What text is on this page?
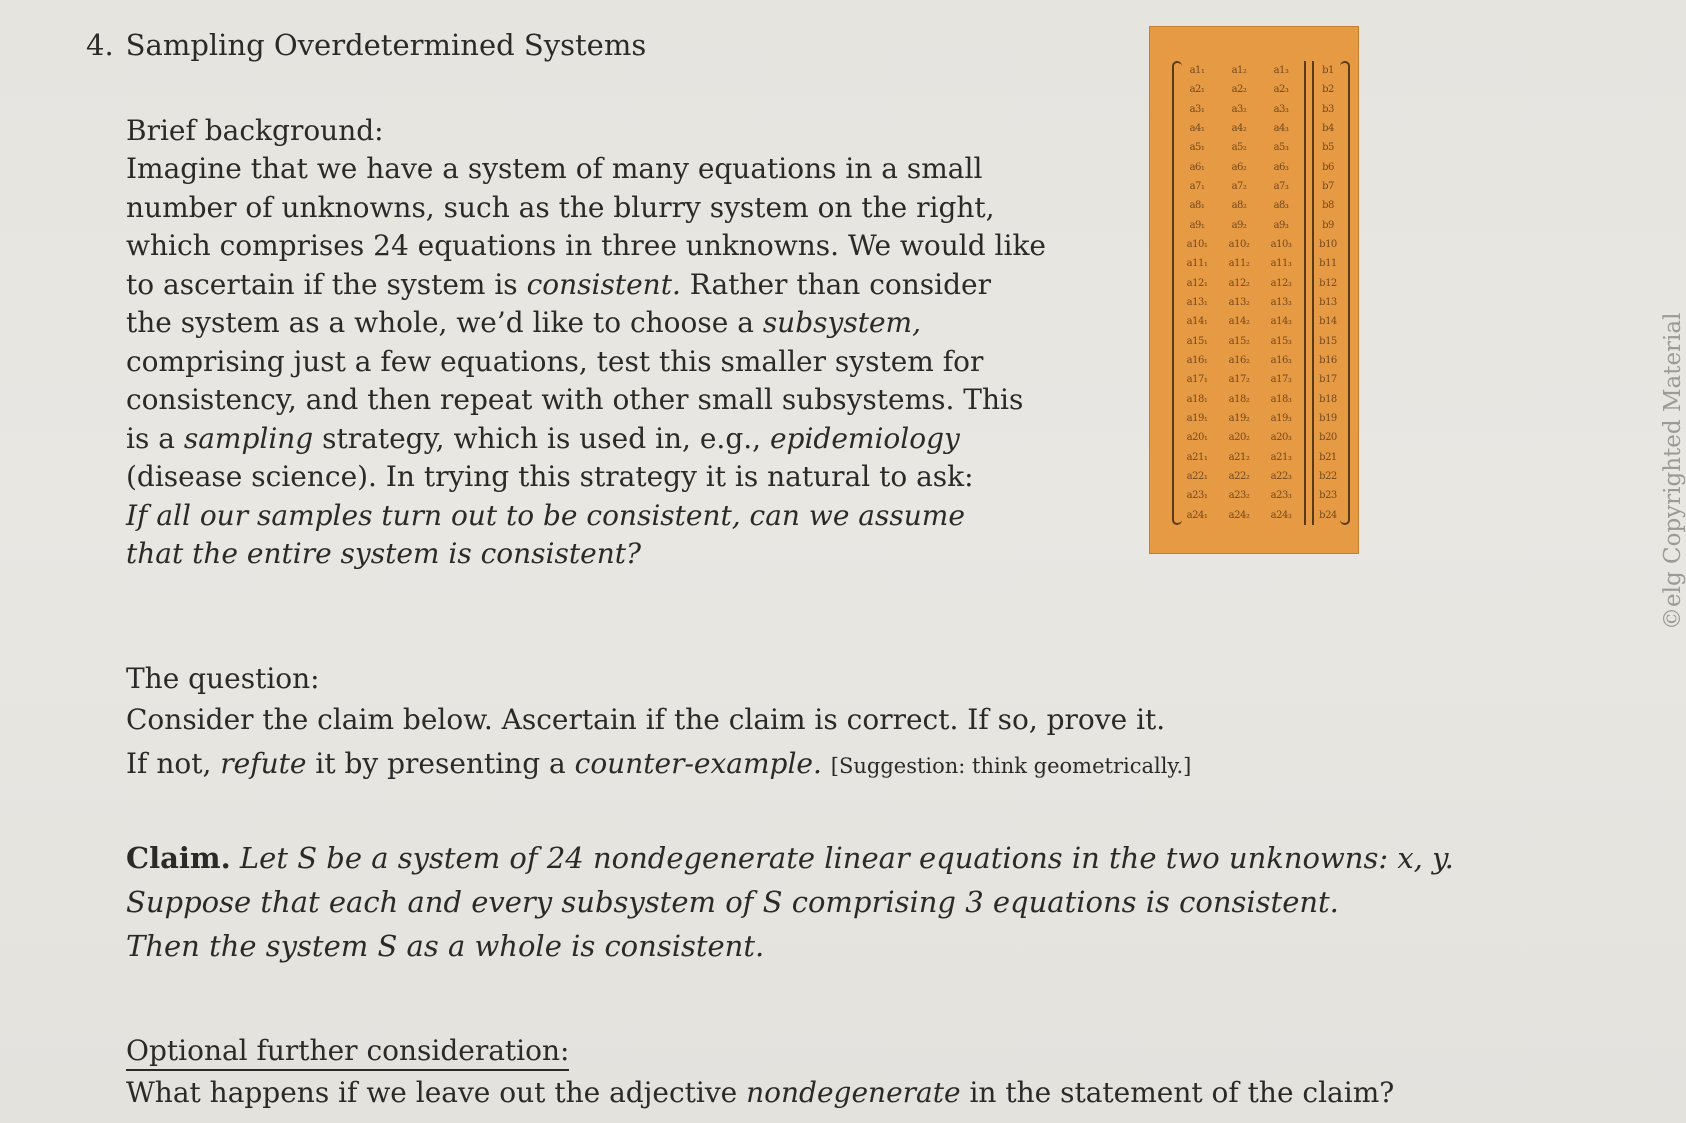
4. Sampling Overdetermined Systems
Brief background:
Imagine that we have a system of many equations in a small
number of unknowns, such as the blurry system on the right,
which comprises 24 equations in three unknowns. We would like
to ascertain if the system is consistent. Rather than consider
the system as a whole, we’d like to choose a subsystem,
comprising just a few equations, test this smaller system for
consistency, and then repeat with other small subsystems. This
is a sampling strategy, which is used in, e.g., epidemiology
(disease science). In trying this strategy it is natural to ask:
If all our samples turn out to be consistent, can we assume
that the entire system is consistent?
a1₁	a1₂	a1₃	b1
a2₁	a2₂	a2₃	b2
a3₁	a3₂	a3₃	b3
a4₁	a4₂	a4₃	b4
a5₁	a5₂	a5₃	b5
a6₁	a6₂	a6₃	b6
a7₁	a7₂	a7₃	b7
a8₁	a8₂	a8₃	b8
a9₁	a9₂	a9₃	b9
a10₁	a10₂	a10₃	b10
a11₁	a11₂	a11₃	b11
a12₁	a12₂	a12₃	b12
a13₁	a13₂	a13₃	b13
a14₁	a14₂	a14₃	b14
a15₁	a15₂	a15₃	b15
a16₁	a16₂	a16₃	b16
a17₁	a17₂	a17₃	b17
a18₁	a18₂	a18₃	b18
a19₁	a19₂	a19₃	b19
a20₁	a20₂	a20₃	b20
a21₁	a21₂	a21₃	b21
a22₁	a22₂	a22₃	b22
a23₁	a23₂	a23₃	b23
a24₁	a24₂	a24₃	b24
The question:
Consider the claim below. Ascertain if the claim is correct. If so, prove it.
If not, refute it by presenting a counter-example. [Suggestion: think geometrically.]
Claim. Let S be a system of 24 nondegenerate linear equations in the two unknowns: x, y.
Suppose that each and every subsystem of S comprising 3 equations is consistent.
Then the system S as a whole is consistent.
Optional further consideration:
What happens if we leave out the adjective nondegenerate in the statement of the claim?
©elg Copyrighted Material
